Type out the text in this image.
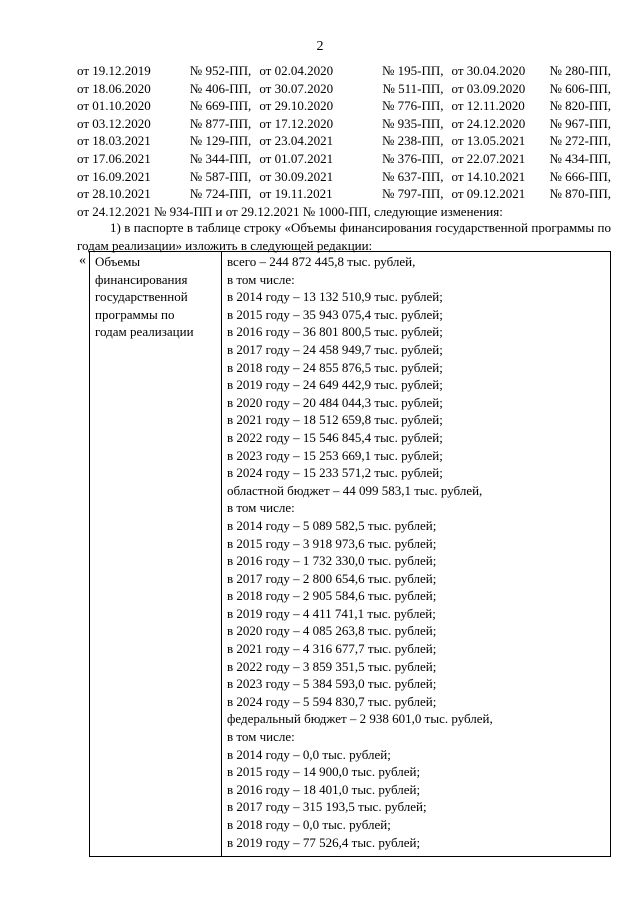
2
от 19.12.2019	№ 952-ПП, от 02.04.2020	№ 195-ПП, от 30.04.2020	№ 280-ПП,
от 18.06.2020	№ 406-ПП, от 30.07.2020	№ 511-ПП, от 03.09.2020	№ 606-ПП,
от 01.10.2020	№ 669-ПП, от 29.10.2020	№ 776-ПП, от 12.11.2020	№ 820-ПП,
от 03.12.2020	№ 877-ПП, от 17.12.2020	№ 935-ПП, от 24.12.2020	№ 967-ПП,
от 18.03.2021	№ 129-ПП, от 23.04.2021	№ 238-ПП, от 13.05.2021	№ 272-ПП,
от 17.06.2021	№ 344-ПП, от 01.07.2021	№ 376-ПП, от 22.07.2021	№ 434-ПП,
от 16.09.2021	№ 587-ПП, от 30.09.2021	№ 637-ПП, от 14.10.2021	№ 666-ПП,
от 28.10.2021	№ 724-ПП, от 19.11.2021	№ 797-ПП, от 09.12.2021	№ 870-ПП,
от 24.12.2021 № 934-ПП и от 29.12.2021 № 1000-ПП, следующие изменения:
1) в паспорте в таблице строку «Объемы финансирования государственной программы по годам реализации» изложить в следующей редакции:
« Объемы
финансирования
государственной
программы по
годам реализации

всего – 244 872 445,8 тыс. рублей,
в том числе:
в 2014 году – 13 132 510,9 тыс. рублей;
в 2015 году – 35 943 075,4 тыс. рублей;
в 2016 году – 36 801 800,5 тыс. рублей;
в 2017 году – 24 458 949,7 тыс. рублей;
в 2018 году – 24 855 876,5 тыс. рублей;
в 2019 году – 24 649 442,9 тыс. рублей;
в 2020 году – 20 484 044,3 тыс. рублей;
в 2021 году – 18 512 659,8 тыс. рублей;
в 2022 году – 15 546 845,4 тыс. рублей;
в 2023 году – 15 253 669,1 тыс. рублей;
в 2024 году – 15 233 571,2 тыс. рублей;
областной бюджет – 44 099 583,1 тыс. рублей,
в том числе:
в 2014 году – 5 089 582,5 тыс. рублей;
в 2015 году – 3 918 973,6 тыс. рублей;
в 2016 году – 1 732 330,0 тыс. рублей;
в 2017 году – 2 800 654,6 тыс. рублей;
в 2018 году – 2 905 584,6 тыс. рублей;
в 2019 году – 4 411 741,1 тыс. рублей;
в 2020 году – 4 085 263,8 тыс. рублей;
в 2021 году – 4 316 677,7 тыс. рублей;
в 2022 году – 3 859 351,5 тыс. рублей;
в 2023 году – 5 384 593,0 тыс. рублей;
в 2024 году – 5 594 830,7 тыс. рублей;
федеральный бюджет – 2 938 601,0 тыс. рублей,
в том числе:
в 2014 году – 0,0 тыс. рублей;
в 2015 году – 14 900,0 тыс. рублей;
в 2016 году – 18 401,0 тыс. рублей;
в 2017 году – 315 193,5 тыс. рублей;
в 2018 году – 0,0 тыс. рублей;
в 2019 году – 77 526,4 тыс. рублей;
